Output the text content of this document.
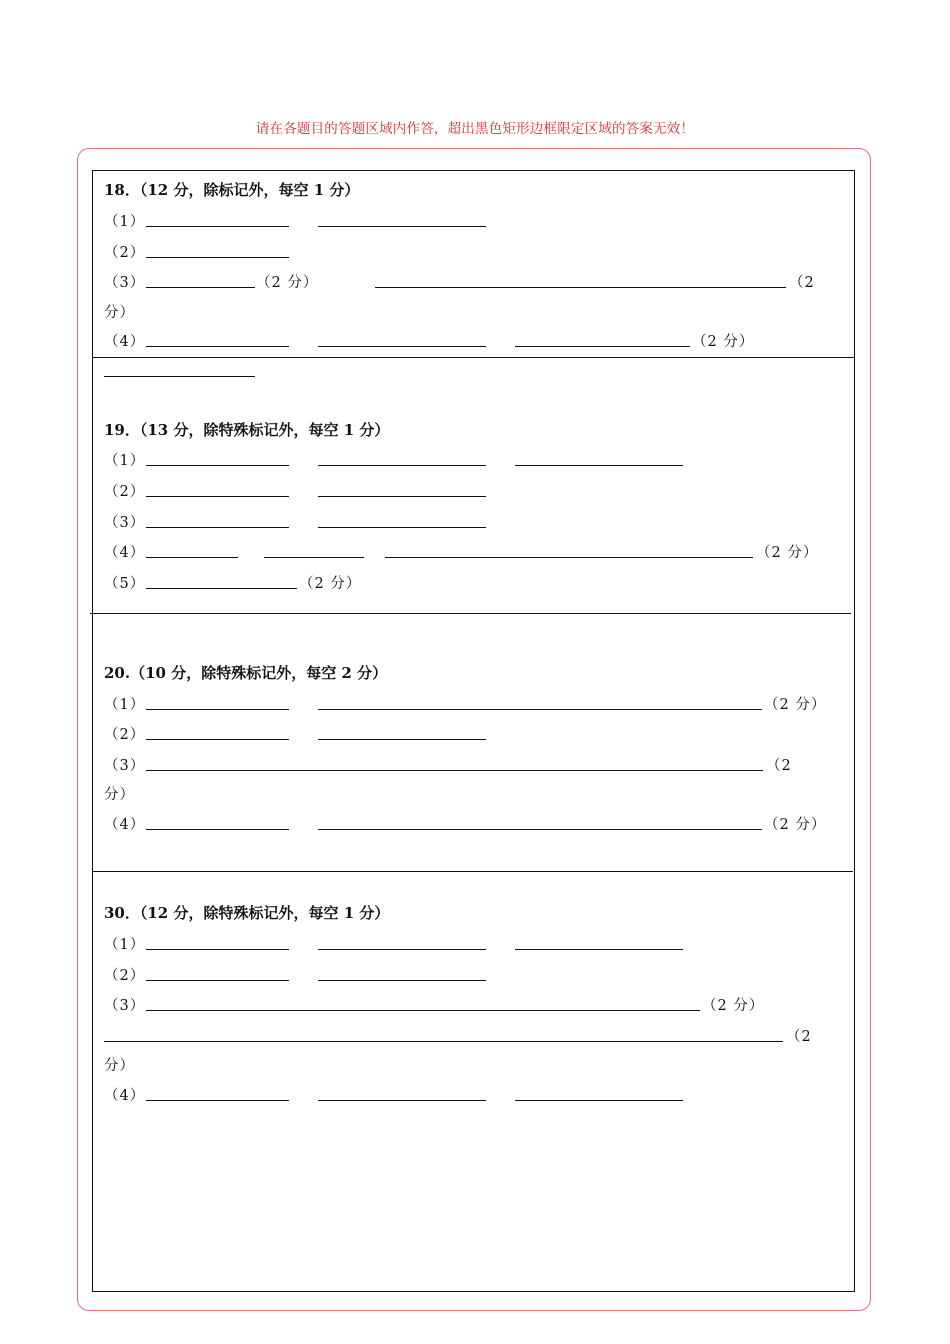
请在各题目的答题区域内作答，超出黑色矩形边框限定区域的答案无效！
18．（12 分，除标记外，每空 1 分）
（1）
（2）
（3）	（2 分）	（2
分）
（4）	（2 分）
19．（13 分，除特殊标记外，每空 1 分）
（1）
（2）
（3）
（4）	（2 分）
（5）	（2 分）
20.（10 分，除特殊标记外，每空 2 分）
（1）	（2 分）
（2）
（3）	（2
分）
（4）	（2 分）
30．（12 分，除特殊标记外，每空 1 分）
（1）
（2）
（3）	（2 分）
（2
分）
（4）
